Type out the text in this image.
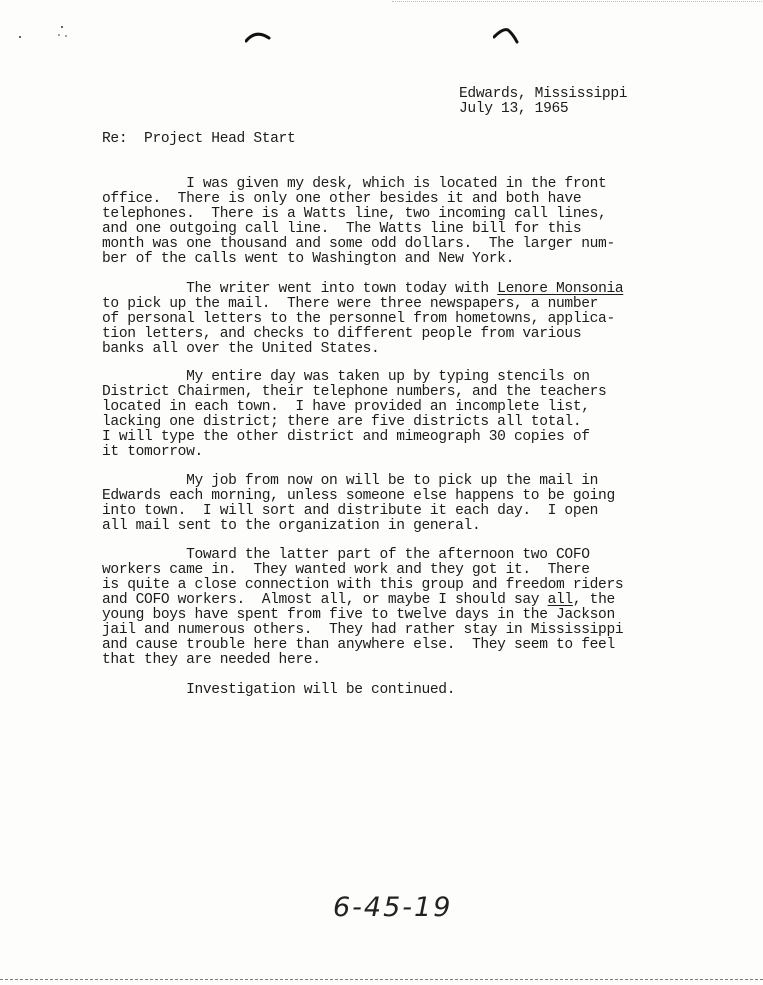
Edwards, Mississippi
July 13, 1965
Re:  Project Head Start
I was given my desk, which is located in the front
office.  There is only one other besides it and both have
telephones.  There is a Watts line, two incoming call lines,
and one outgoing call line.  The Watts line bill for this
month was one thousand and some odd dollars.  The larger num-
ber of the calls went to Washington and New York.
The writer went into town today with Lenore Monsonia
to pick up the mail.  There were three newspapers, a number
of personal letters to the personnel from hometowns, applica-
tion letters, and checks to different people from various
banks all over the United States.
My entire day was taken up by typing stencils on
District Chairmen, their telephone numbers, and the teachers
located in each town.  I have provided an incomplete list,
lacking one district; there are five districts all total.
I will type the other district and mimeograph 30 copies of
it tomorrow.
My job from now on will be to pick up the mail in
Edwards each morning, unless someone else happens to be going
into town.  I will sort and distribute it each day.  I open
all mail sent to the organization in general.
Toward the latter part of the afternoon two COFO
workers came in.  They wanted work and they got it.  There
is quite a close connection with this group and freedom riders
and COFO workers.  Almost all, or maybe I should say all, the
young boys have spent from five to twelve days in the Jackson
jail and numerous others.  They had rather stay in Mississippi
and cause trouble here than anywhere else.  They seem to feel
that they are needed here.
Investigation will be continued.
6-45-19
